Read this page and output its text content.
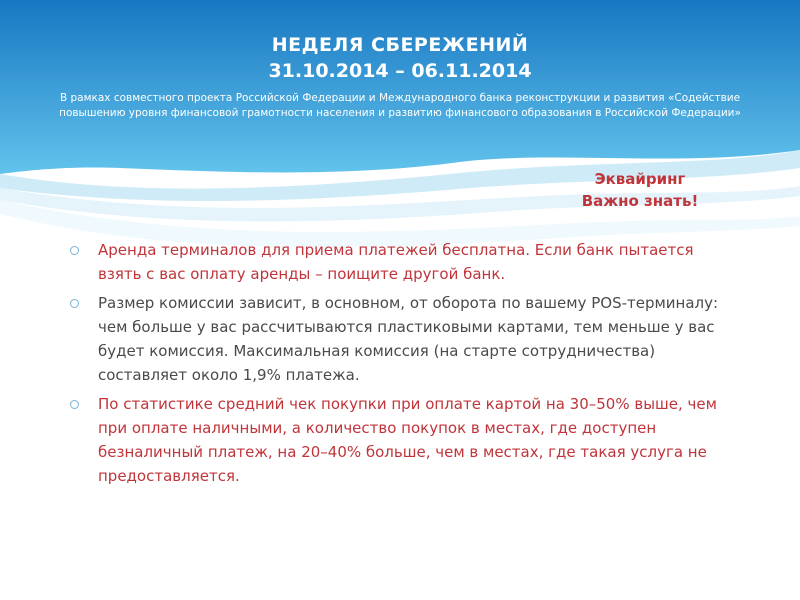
НЕДЕЛЯ СБЕРЕЖЕНИЙ
31.10.2014 – 06.11.2014
В рамках совместного проекта Российской Федерации и Международного банка реконструкции и развития «Содействие повышению уровня финансовой грамотности населения и развитию финансового образования в Российской Федерации»
Эквайринг
Важно знать!
Аренда терминалов для приема платежей бесплатна. Если банк пытается взять с вас оплату аренды – поищите другой банк.
Размер комиссии зависит, в основном, от оборота по вашему POS-терминалу: чем больше у вас рассчитываются пластиковыми картами, тем меньше у вас будет комиссия. Максимальная комиссия (на старте сотрудничества) составляет около 1,9% платежа.
По статистике средний чек покупки при оплате картой на 30–50% выше, чем при оплате наличными, а количество покупок в местах, где доступен безналичный платеж, на 20–40% больше, чем в местах, где такая услуга не предоставляется.
